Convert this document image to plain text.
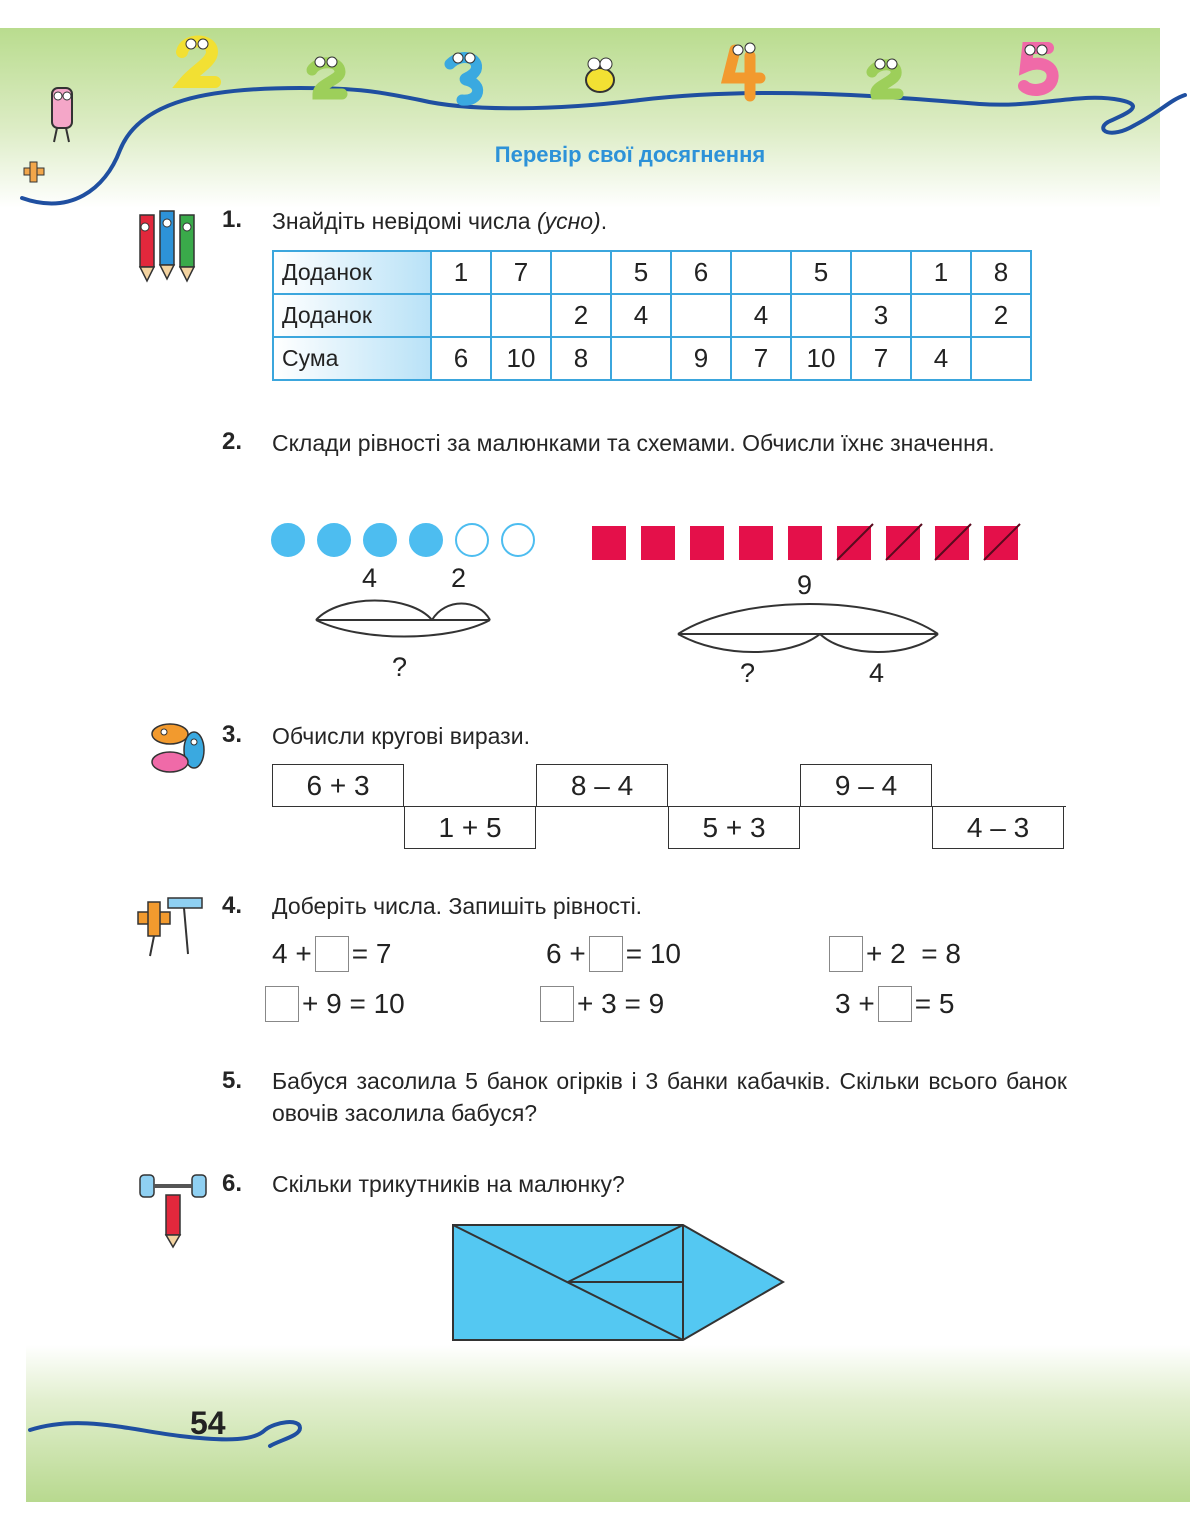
Перевір свої досягнення
1. Знайдіть невідомі числа (усно).
Доданок	1	7		5	6		5		1	8
Доданок			2	4		4		3		2
Сума	6	10	8		9	7	10	7	4	
2. Склади рівності за малюнками та схемами. Обчисли їхнє значення.
4	2
?
9
?	4
3. Обчисли кругові вирази.
6 + 3	8 – 4	9 – 4
1 + 5	5 + 3	4 – 3
4. Доберіть числа. Запишіть рівності.
4 + = 7	6 + = 10	+ 2  = 8
+ 9 = 10	+ 3 = 9	3 + = 5
5. Бабуся засолила 5 банок огірків і 3 банки кабачків. Скільки всього банок овочів засолила бабуся?
6. Скільки трикутників на малюнку?
54
